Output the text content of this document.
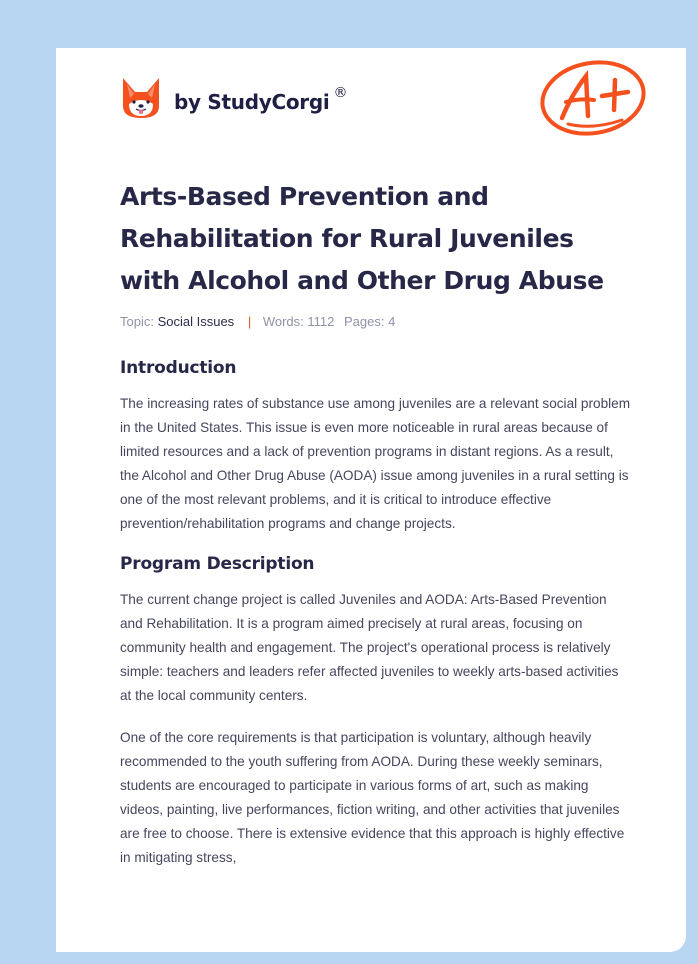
by StudyCorgi ®
Arts-Based Prevention and Rehabilitation for Rural Juveniles with Alcohol and Other Drug Abuse
Topic: Social Issues | Words: 1112 Pages: 4
Introduction

The increasing rates of substance use among juveniles are a relevant social problem in the United States. This issue is even more noticeable in rural areas because of limited resources and a lack of prevention programs in distant regions. As a result, the Alcohol and Other Drug Abuse (AODA) issue among juveniles in a rural setting is one of the most relevant problems, and it is critical to introduce effective prevention/rehabilitation programs and change projects.

Program Description

The current change project is called Juveniles and AODA: Arts-Based Prevention and Rehabilitation. It is a program aimed precisely at rural areas, focusing on community health and engagement. The project's operational process is relatively simple: teachers and leaders refer affected juveniles to weekly arts-based activities at the local community centers.

One of the core requirements is that participation is voluntary, although heavily recommended to the youth suffering from AODA. During these weekly seminars, students are encouraged to participate in various forms of art, such as making videos, painting, live performances, fiction writing, and other activities that juveniles are free to choose. There is extensive evidence that this approach is highly effective in mitigating stress,
